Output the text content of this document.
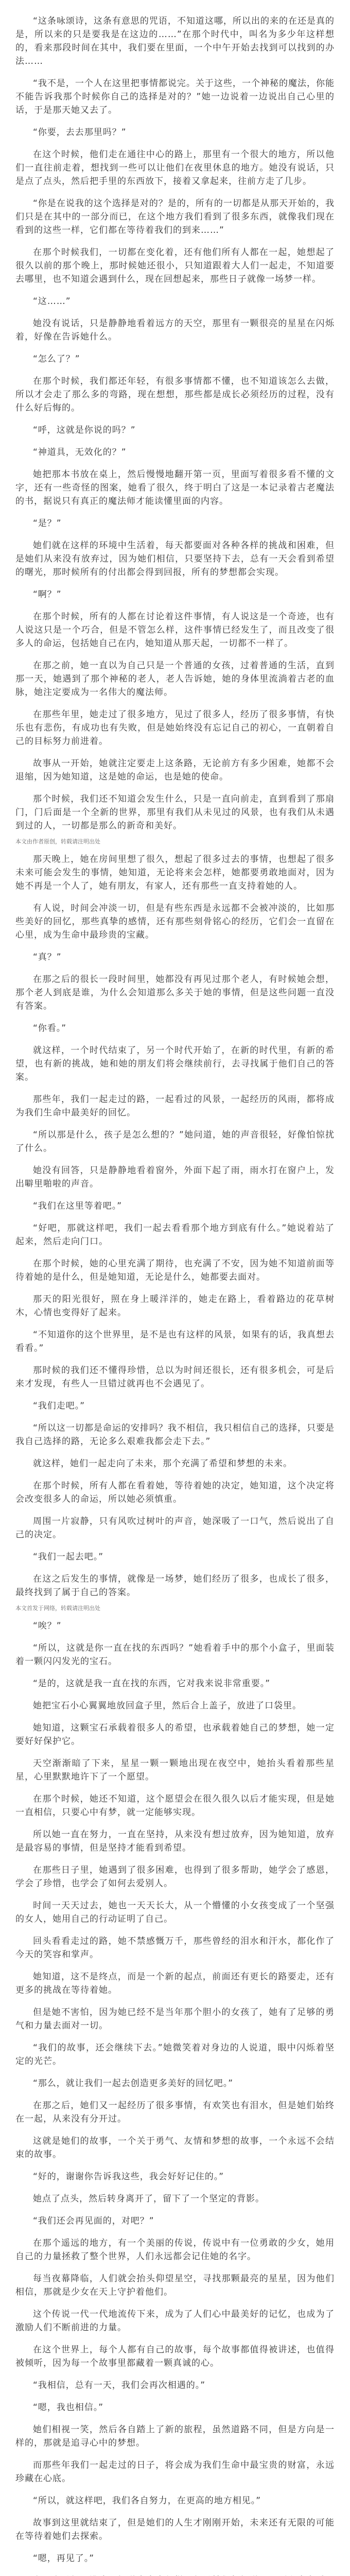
“这条咏颂诗，这条有意思的咒语，不知道这哪，所以出的来的在还是真的是，所以来的只是要我是在这边的……”在那个时代中，叫名为多少年这样想的，看来那段时间在其中，我们要在里面，一个中午开始去找到可以找到的办法……

“我不是，一个人在这里把事情都说完。关于这些，一个神秘的魔法，你能不能告诉我那个时候你自己的选择是对的？”她一边说着一边说出自己心里的话，于是那天她又去了。

“你要，去去那里吗？”

在这个时候，他们走在通往中心的路上，那里有一个很大的地方，所以他们一直往前走着，想找到一些可以让他们在夜里休息的地方。她没有说话，只是点了点头，然后把手里的东西放下，接着又拿起来，往前方走了几步。

“你是在说我的这个选择是对的？是的，所有的一切都是从那天开始的，我们只是在其中的一部分而已，在这个地方我们看到了很多东西，就像我们现在看到的这些一样，它们都在等待着我们的到来……”

在那个时候我们，一切都在变化着，还有他们所有人都在一起，她想起了很久以前的那个晚上，那时候她还很小，只知道跟着大人们一起走，不知道要去哪里，也不知道会遇到什么，现在回想起来，那些日子就像一场梦一样。

“这……”

她没有说话，只是静静地看着远方的天空，那里有一颗很亮的星星在闪烁着，好像在告诉她什么。

“怎么了？”

在那个时候，我们都还年轻，有很多事情都不懂，也不知道该怎么去做，所以才会走了那么多的弯路，现在想想，那些都是成长必须经历的过程，没有什么好后悔的。

“呼，这就是你说的吗？”

“神道具，无效化的？”

她把那本书放在桌上，然后慢慢地翻开第一页，里面写着很多看不懂的文字，还有一些奇怪的图案，她看了很久，终于明白了这是一本记录着古老魔法的书，据说只有真正的魔法师才能读懂里面的内容。

“是？”

她们就在这样的环境中生活着，每天都要面对各种各样的挑战和困难，但是她们从来没有放弃过，因为她们相信，只要坚持下去，总有一天会看到希望的曙光，那时候所有的付出都会得到回报，所有的梦想都会实现。

“啊？”

在那个时候，所有的人都在讨论着这件事情，有人说这是一个奇迹，也有人说这只是一个巧合，但是不管怎么样，这件事情已经发生了，而且改变了很多人的命运，包括她自己在内，她知道从那天起，一切都不一样了。

在那之前，她一直以为自己只是一个普通的女孩，过着普通的生活，直到那一天，她遇到了那个神秘的老人，老人告诉她，她的身体里流淌着古老的血脉，她注定要成为一名伟大的魔法师。

在那些年里，她走过了很多地方，见过了很多人，经历了很多事情，有快乐也有悲伤，有成功也有失败，但是她始终没有忘记自己的初心，一直朝着自己的目标努力前进着。

故事从一开始，她就注定要走上这条路，无论前方有多少困难，她都不会退缩，因为她知道，这是她的命运，也是她的使命。

那个时候，我们还不知道会发生什么，只是一直向前走，直到看到了那扇门，门后面是一个全新的世界，那里有我们从未见过的风景，也有我们从未遇到过的人，一切都是那么的新奇和美好。

本文由作者原创，转载请注明出处

那天晚上，她在房间里想了很久，想起了很多过去的事情，也想起了很多未来可能会发生的事情，她知道，无论将来会怎样，她都要勇敢地面对，因为她不再是一个人了，她有朋友，有家人，还有那些一直支持着她的人。

有人说，时间会冲淡一切，但是有些东西是永远都不会被冲淡的，比如那些美好的回忆，那些真挚的感情，还有那些刻骨铭心的经历，它们会一直留在心里，成为生命中最珍贵的宝藏。

“真？”

在那之后的很长一段时间里，她都没有再见过那个老人，有时候她会想，那个老人到底是谁，为什么会知道那么多关于她的事情，但是这些问题一直没有答案。

“你看。”

就这样，一个时代结束了，另一个时代开始了，在新的时代里，有新的希望，也有新的挑战，她和她的朋友们将会继续前行，去寻找属于他们自己的答案。

那些年，我们一起走过的路，一起看过的风景，一起经历的风雨，都将成为我们生命中最美好的回忆。

“所以那是什么，孩子是怎么想的？”她问道，她的声音很轻，好像怕惊扰了什么。

她没有回答，只是静静地看着窗外，外面下起了雨，雨水打在窗户上，发出噼里啪啦的声音。

“我们在这里等着吧。”

“好吧，那就这样吧，我们一起去看看那个地方到底有什么。”她说着站了起来，然后走向门口。

在那个时候，她的心里充满了期待，也充满了不安，因为她不知道前面等待着她的是什么，但是她知道，无论是什么，她都要去面对。

那天的阳光很好，照在身上暖洋洋的，她走在路上，看着路边的花草树木，心情也变得好了起来。

“不知道你的这个世界里，是不是也有这样的风景，如果有的话，我真想去看看。”

那时候的我们还不懂得珍惜，总以为时间还很长，还有很多机会，可是后来才发现，有些人一旦错过就再也不会遇见了。

“我们走吧。”

“所以这一切都是命运的安排吗？我不相信，我只相信自己的选择，只要是我自己选择的路，无论多么艰难我都会走下去。”

就这样，她们一起走向了未来，那个充满了希望和梦想的未来。

在那个时候，所有人都在看着她，等待着她的决定，她知道，这个决定将会改变很多人的命运，所以她必须慎重。

周围一片寂静，只有风吹过树叶的声音，她深吸了一口气，然后说出了自己的决定。

“我们一起去吧。”

在这之后发生的事情，就像是一场梦，她们经历了很多，也成长了很多，最终找到了属于自己的答案。

本文首发于网络，转载请注明出处

“唉？”

“所以，这就是你一直在找的东西吗？”她看着手中的那个小盒子，里面装着一颗闪闪发光的宝石。

“是的，这就是我一直在找的东西，它对我来说非常重要。”

她把宝石小心翼翼地放回盒子里，然后合上盖子，放进了口袋里。

她知道，这颗宝石承载着很多人的希望，也承载着她自己的梦想，她一定要好好保护它。

天空渐渐暗了下来，星星一颗一颗地出现在夜空中，她抬头看着那些星星，心里默默地许下了一个愿望。

在那个时候，她还不知道，这个愿望会在很久很久以后才能实现，但是她一直相信，只要心中有梦，就一定能够实现。

所以她一直在努力，一直在坚持，从来没有想过放弃，因为她知道，放弃是最容易的事情，但是坚持才能看到希望。

在那些日子里，她遇到了很多困难，也得到了很多帮助，她学会了感恩，学会了珍惜，也学会了如何去爱别人。

时间一天天过去，她也一天天长大，从一个懵懂的小女孩变成了一个坚强的女人，她用自己的行动证明了自己。

回头看看走过的路，她不禁感慨万千，那些曾经的泪水和汗水，都化作了今天的笑容和掌声。

她知道，这不是终点，而是一个新的起点，前面还有更长的路要走，还有更多的挑战在等待着她。

但是她不害怕，因为她已经不是当年那个胆小的女孩了，她有了足够的勇气和力量去面对一切。

“我们的故事，还会继续下去。”她微笑着对身边的人说道，眼中闪烁着坚定的光芒。

“那么，就让我们一起去创造更多美好的回忆吧。”

在那之后，她们又一起经历了很多事情，有欢笑也有泪水，但是她们始终在一起，从来没有分开过。

这就是她们的故事，一个关于勇气、友情和梦想的故事，一个永远不会结束的故事。

“好的，谢谢你告诉我这些，我会好好记住的。”

她点了点头，然后转身离开了，留下了一个坚定的背影。

“我们还会再见面的，对吧？”

在那个遥远的地方，有一个美丽的传说，传说中有一位勇敢的少女，她用自己的力量拯救了整个世界，人们永远都会记住她的名字。

每当夜幕降临，人们就会抬头仰望星空，寻找那颗最亮的星星，因为他们相信，那就是少女在天上守护着他们。

这个传说一代一代地流传下来，成为了人们心中最美好的记忆，也成为了激励人们不断前进的力量。

在这个世界上，每个人都有自己的故事，每个故事都值得被讲述，也值得被倾听，因为每一个故事里都藏着一颗真诚的心。

“我相信，总有一天，我们会再次相遇的。”

“嗯，我也相信。”

她们相视一笑，然后各自踏上了新的旅程，虽然道路不同，但是方向是一样的，那就是追寻心中的梦想。

而那些年我们一起走过的日子，将会成为我们生命中最宝贵的财富，永远珍藏在心底。

“所以，就这样吧，我们各自努力，在更高的地方相见。”

故事到这里就结束了，但是她们的人生才刚刚开始，未来还有无限的可能在等待着她们去探索。

“嗯，再见了。”
